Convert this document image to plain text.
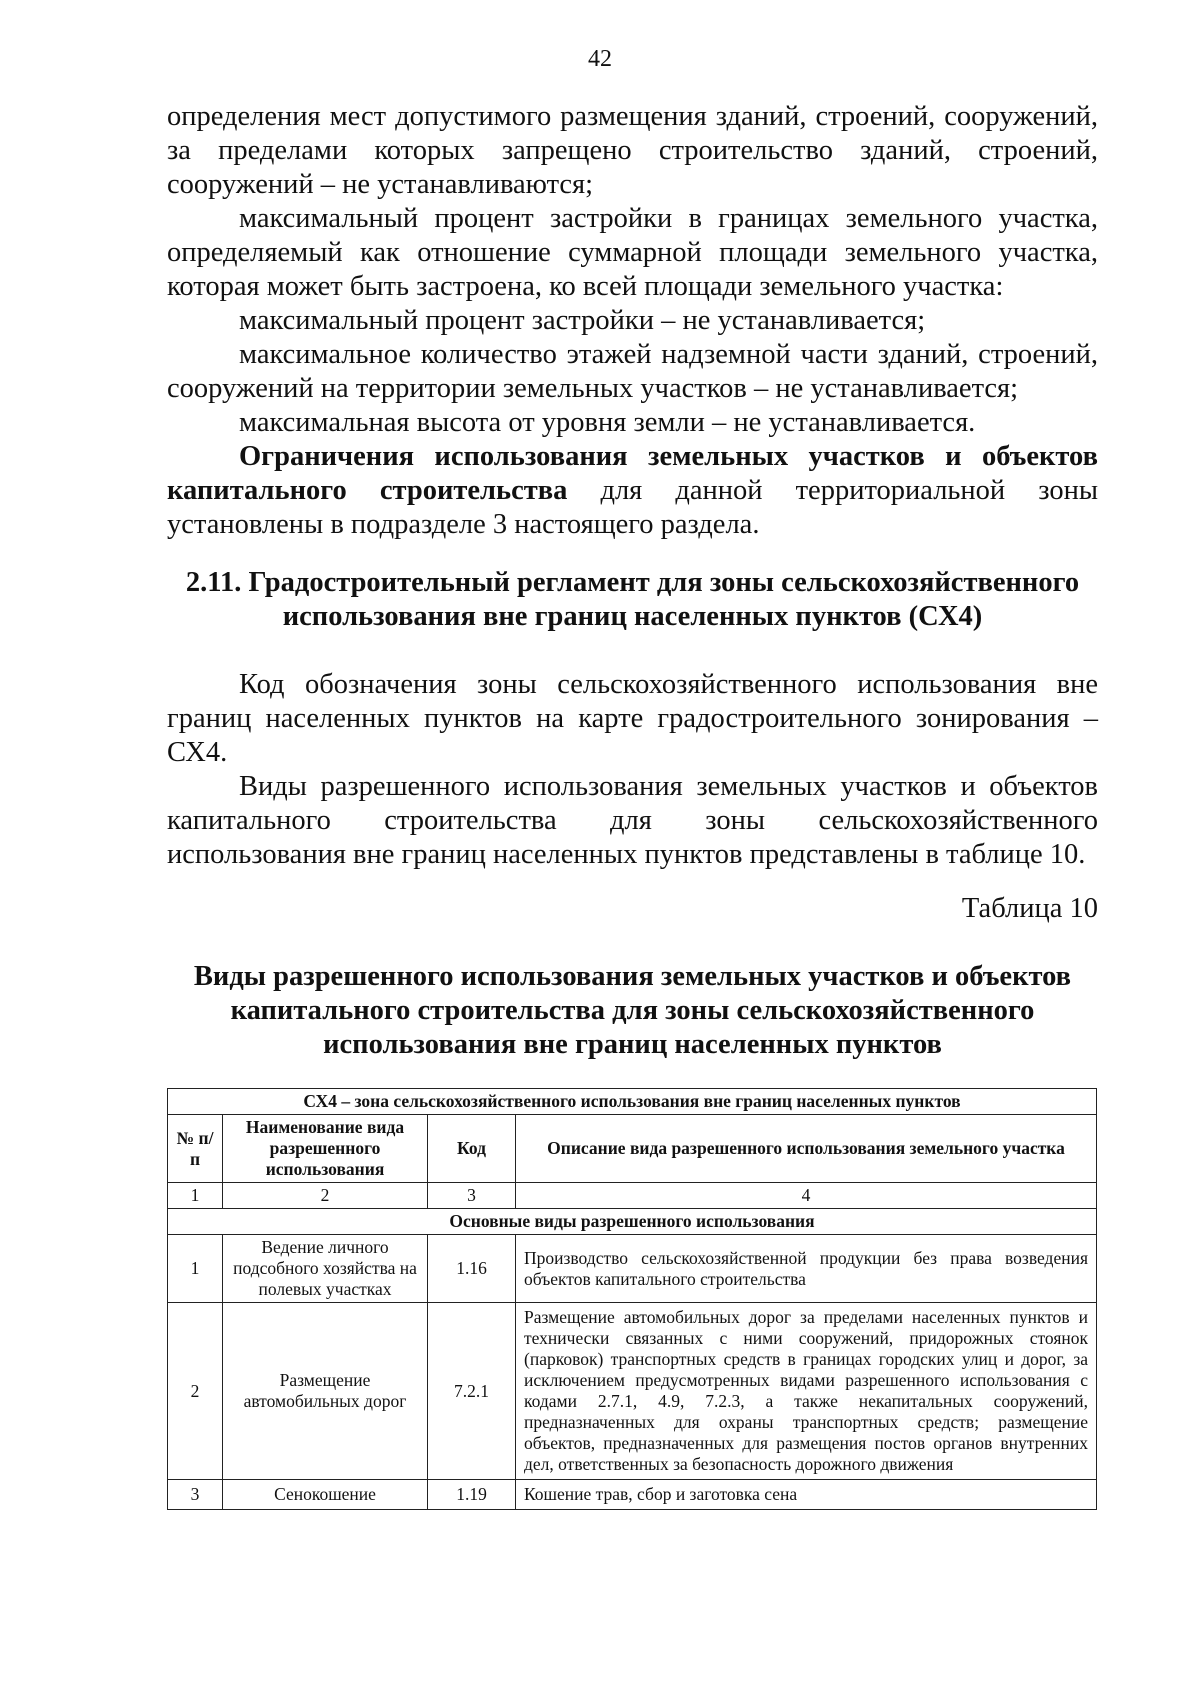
42

определения мест допустимого размещения зданий, строений, сооружений, за пределами которых запрещено строительство зданий, строений, сооружений – не устанавливаются;

максимальный процент застройки в границах земельного участка, определяемый как отношение суммарной площади земельного участка, которая может быть застроена, ко всей площади земельного участка:

максимальный процент застройки – не устанавливается;

максимальное количество этажей надземной части зданий, строений, сооружений на территории земельных участков – не устанавливается;

максимальная высота от уровня земли – не устанавливается.

Ограничения использования земельных участков и объектов капитального строительства для данной территориальной зоны установлены в подразделе 3 настоящего раздела.

2.11. Градостроительный регламент для зоны сельскохозяйственного
использования вне границ населенных пунктов (СХ4)

Код обозначения зоны сельскохозяйственного использования вне границ населенных пунктов на карте градостроительного зонирования – СХ4.

Виды разрешенного использования земельных участков и объектов капитального строительства для зоны сельскохозяйственного использования вне границ населенных пунктов представлены в таблице 10.

Таблица 10
Виды разрешенного использования земельных участков и объектов
капитального строительства для зоны сельскохозяйственного
использования вне границ населенных пунктов
СХ4 – зона сельскохозяйственного использования вне границ населенных пунктов			
№ п/п	Наименование вида разрешенного использования	Код	Описание вида разрешенного использования земельного участка
1	2	3	4
Основные виды разрешенного использования			
1	Ведение личного подсобного хозяйства на полевых участках	1.16	Производство сельскохозяйственной продукции без права возведения объектов капитального строительства
2	Размещение автомобильных дорог	7.2.1	Размещение автомобильных дорог за пределами населенных пунктов и технически связанных с ними сооружений, придорожных стоянок (парковок) транспортных средств в границах городских улиц и дорог, за исключением предусмотренных видами разрешенного использования с кодами 2.7.1, 4.9, 7.2.3, а также некапитальных сооружений, предназначенных для охраны транспортных средств; размещение объектов, предназначенных для размещения постов органов внутренних дел, ответственных за безопасность дорожного движения
3	Сенокошение	1.19	Кошение трав, сбор и заготовка сена
